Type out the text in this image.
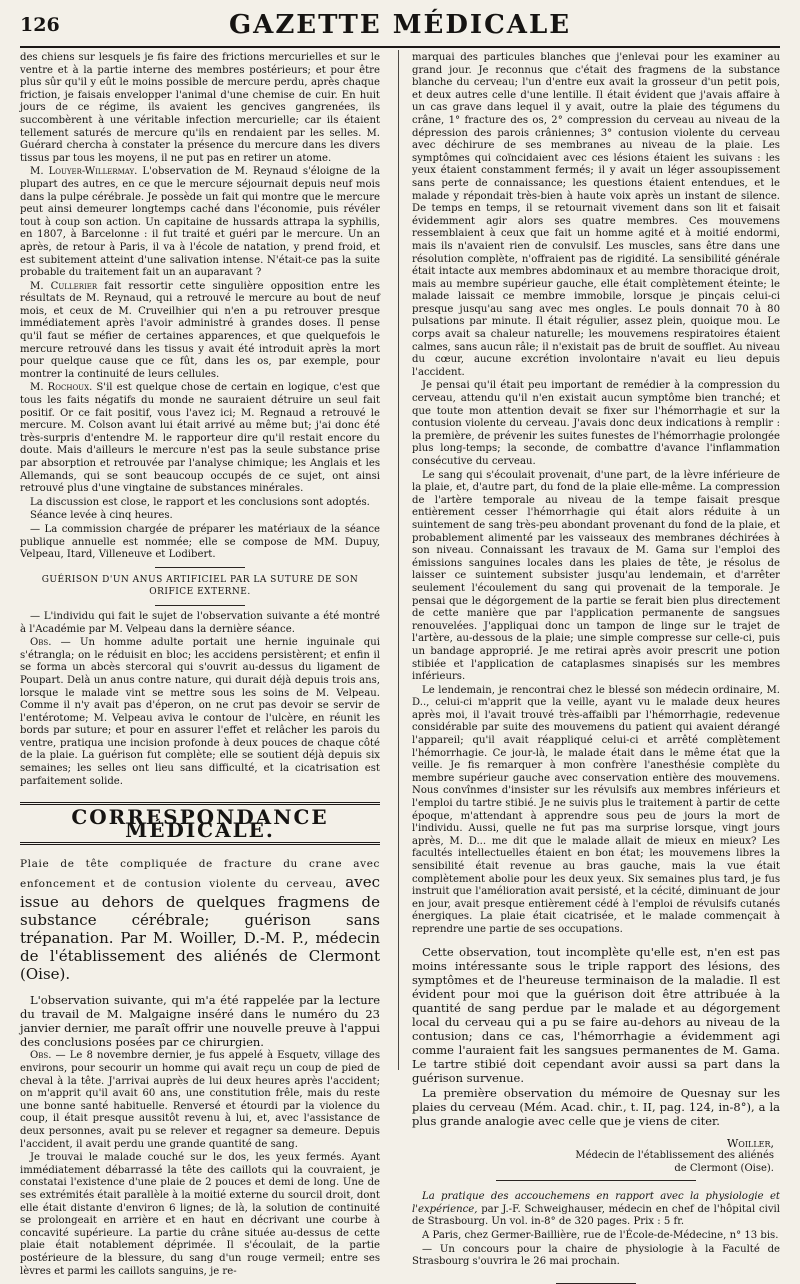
126	GAZETTE MÉDICALE

des chiens sur lesquels je fis faire des frictions mercurielles et sur le ventre et à la partie interne des membres postérieurs; et pour être plus sûr qu'il y eût le moins possible de mercure perdu, après chaque friction, je faisais envelopper l'animal d'une chemise de cuir. En huit jours de ce régime, ils avaient les gencives gangrenées, ils succombèrent à une véritable infection mercurielle; car ils étaient tellement saturés de mercure qu'ils en rendaient par les selles. M. Guérard chercha à constater la présence du mercure dans les divers tissus par tous les moyens, il ne put pas en retirer un atome.

M. Louyer-Willermay. L'observation de M. Reynaud s'éloigne de la plupart des autres, en ce que le mercure séjournait depuis neuf mois dans la pulpe cérébrale. Je possède un fait qui montre que le mercure peut ainsi demeurer longtemps caché dans l'économie, puis révéler tout à coup son action. Un capitaine de hussards attrapa la syphilis, en 1807, à Barcelonne : il fut traité et guéri par le mercure. Un an après, de retour à Paris, il va à l'école de natation, y prend froid, et est subitement atteint d'une salivation intense. N'était-ce pas la suite probable du traitement fait un an auparavant ?

M. Cullerier fait ressortir cette singulière opposition entre les résultats de M. Reynaud, qui a retrouvé le mercure au bout de neuf mois, et ceux de M. Cruveilhier qui n'en a pu retrouver presque immédiatement après l'avoir administré à grandes doses. Il pense qu'il faut se méfier de certaines apparences, et que quelquefois le mercure retrouvé dans les tissus y avait été introduit après la mort pour quelque cause que ce fût, dans les os, par exemple, pour montrer la continuité de leurs cellules.

M. Rochoux. S'il est quelque chose de certain en logique, c'est que tous les faits négatifs du monde ne sauraient détruire un seul fait positif. Or ce fait positif, vous l'avez ici; M. Regnaud a retrouvé le mercure. M. Colson avant lui était arrivé au même but; j'ai donc été très-surpris d'entendre M. le rapporteur dire qu'il restait encore du doute. Mais d'ailleurs le mercure n'est pas la seule substance prise par absorption et retrouvée par l'analyse chimique; les Anglais et les Allemands, qui se sont beaucoup occupés de ce sujet, ont ainsi retrouvé plus d'une vingtaine de substances minérales.

La discussion est close, le rapport et les conclusions sont adoptés.

Séance levée à cinq heures.

— La commission chargée de préparer les matériaux de la séance publique annuelle est nommée; elle se compose de MM. Dupuy, Velpeau, Itard, Villeneuve et Lodibert.

GUÉRISON D'UN ANUS ARTIFICIEL PAR LA SUTURE DE SON ORIFICE EXTERNE.

— L'individu qui fait le sujet de l'observation suivante a été montré à l'Académie par M. Velpeau dans la dernière séance.

Obs. — Un homme adulte portait une hernie inguinale qui s'étrangla; on le réduisit en bloc; les accidens persistèrent; et enfin il se forma un abcès stercoral qui s'ouvrit au-dessus du ligament de Poupart. Delà un anus contre nature, qui durait déjà depuis trois ans, lorsque le malade vint se mettre sous les soins de M. Velpeau. Comme il n'y avait pas d'éperon, on ne crut pas devoir se servir de l'entérotome; M. Velpeau aviva le contour de l'ulcère, en réunit les bords par suture; et pour en assurer l'effet et relâcher les parois du ventre, pratiqua une incision profonde à deux pouces de chaque côté de la plaie. La guérison fut complète; elle se soutient déjà depuis six semaines; les selles ont lieu sans difficulté, et la cicatrisation est parfaitement solide.

CORRESPONDANCE MÉDICALE.
Plaie de tête compliquée de fracture du crane avec enfoncement et de contusion violente du cerveau, avec issue au dehors de quelques fragmens de substance cérébrale; guérison sans trépanation. Par M. Woiller, D.-M. P., médecin de l'établissement des aliénés de Clermont (Oise).

L'observation suivante, qui m'a été rappelée par la lecture du travail de M. Malgaigne inséré dans le numéro du 23 janvier dernier, me paraît offrir une nouvelle preuve à l'appui des conclusions posées par ce chirurgien.

Obs. — Le 8 novembre dernier, je fus appelé à Esquetv, village des environs, pour secourir un homme qui avait reçu un coup de pied de cheval à la tête. J'arrivai auprès de lui deux heures après l'accident; on m'apprit qu'il avait 60 ans, une constitution frêle, mais du reste une bonne santé habituelle. Renversé et étourdi par la violence du coup, il était presque aussitôt revenu à lui, et, avec l'assistance de deux personnes, avait pu se relever et regagner sa demeure. Depuis l'accident, il avait perdu une grande quantité de sang.

Je trouvai le malade couché sur le dos, les yeux fermés. Ayant immédiatement débarrassé la tête des caillots qui la couvraient, je constatai l'existence d'une plaie de 2 pouces et demi de long. Une de ses extrémités était parallèle à la moitié externe du sourcil droit, dont elle était distante d'environ 6 lignes; de là, la solution de continuité se prolongeait en arrière et en haut en décrivant une courbe à concavité supérieure. La partie du crâne située au-dessus de cette plaie était notablement déprimée. Il s'écoulait, de la partie postérieure de la blessure, du sang d'un rouge vermeil; entre ses lèvres et parmi les caillots sanguins, je re-

marquai des particules blanches que j'enlevai pour les examiner au grand jour. Je reconnus que c'était des fragmens de la substance blanche du cerveau; l'un d'entre eux avait la grosseur d'un petit pois, et deux autres celle d'une lentille. Il était évident que j'avais affaire à un cas grave dans lequel il y avait, outre la plaie des tégumens du crâne, 1° fracture des os, 2° compression du cerveau au niveau de la dépression des parois crâniennes; 3° contusion violente du cerveau avec déchirure de ses membranes au niveau de la plaie. Les symptômes qui coïncidaient avec ces lésions étaient les suivans : les yeux étaient constamment fermés; il y avait un léger assoupissement sans perte de connaissance; les questions étaient entendues, et le malade y répondait très-bien à haute voix après un instant de silence. De temps en temps, il se retournait vivement dans son lit et faisait évidemment agir alors ses quatre membres. Ces mouvemens ressemblaient à ceux que fait un homme agité et à moitié endormi, mais ils n'avaient rien de convulsif. Les muscles, sans être dans une résolution complète, n'offraient pas de rigidité. La sensibilité générale était intacte aux membres abdominaux et au membre thoracique droit, mais au membre supérieur gauche, elle était complètement éteinte; le malade laissait ce membre immobile, lorsque je pinçais celui-ci presque jusqu'au sang avec mes ongles. Le pouls donnait 70 à 80 pulsations par minute. Il était régulier, assez plein, quoique mou. Le corps avait sa chaleur naturelle; les mouvemens respiratoires étaient calmes, sans aucun râle; il n'existait pas de bruit de soufflet. Au niveau du cœur, aucune excrétion involontaire n'avait eu lieu depuis l'accident.

Je pensai qu'il était peu important de remédier à la compression du cerveau, attendu qu'il n'en existait aucun symptôme bien tranché; et que toute mon attention devait se fixer sur l'hémorrhagie et sur la contusion violente du cerveau. J'avais donc deux indications à remplir : la première, de prévenir les suites funestes de l'hémorrhagie prolongée plus long-temps; la seconde, de combattre d'avance l'inflammation consécutive du cerveau.

Le sang qui s'écoulait provenait, d'une part, de la lèvre inférieure de la plaie, et, d'autre part, du fond de la plaie elle-même. La compression de l'artère temporale au niveau de la tempe faisait presque entièrement cesser l'hémorrhagie qui était alors réduite à un suintement de sang très-peu abondant provenant du fond de la plaie, et probablement alimenté par les vaisseaux des membranes déchirées à son niveau. Connaissant les travaux de M. Gama sur l'emploi des émissions sanguines locales dans les plaies de tête, je résolus de laisser ce suintement subsister jusqu'au lendemain, et d'arrêter seulement l'écoulement du sang qui provenait de la temporale. Je pensai que le dégorgement de la partie se ferait bien plus directement de cette manière que par l'application permanente de sangsues renouvelées. J'appliquai donc un tampon de linge sur le trajet de l'artère, au-dessous de la plaie; une simple compresse sur celle-ci, puis un bandage approprié. Je me retirai après avoir prescrit une potion stibiée et l'application de cataplasmes sinapisés sur les membres inférieurs.

Le lendemain, je rencontrai chez le blessé son médecin ordinaire, M. D.., celui-ci m'apprit que la veille, ayant vu le malade deux heures après moi, il l'avait trouvé très-affaibli par l'hémorrhagie, redevenue considérable par suite des mouvemens du patient qui avaient dérangé l'appareil; qu'il avait réappliqué celui-ci et arrêté complètement l'hémorrhagie. Ce jour-là, le malade était dans le même état que la veille. Je fis remarquer à mon confrère l'anesthésie complète du membre supérieur gauche avec conservation entière des mouvemens. Nous convînmes d'insister sur les révulsifs aux membres inférieurs et l'emploi du tartre stibié. Je ne suivis plus le traitement à partir de cette époque, m'attendant à apprendre sous peu de jours la mort de l'individu. Aussi, quelle ne fut pas ma surprise lorsque, vingt jours après, M. D... me dit que le malade allait de mieux en mieux? Les facultés intellectuelles étaient en bon état; les mouvemens libres la sensibilité était revenue au bras gauche, mais la vue était complètement abolie pour les deux yeux. Six semaines plus tard, je fus instruit que l'amélioration avait persisté, et la cécité, diminuant de jour en jour, avait presque entièrement cédé à l'emploi de révulsifs cutanés énergiques. La plaie était cicatrisée, et le malade commençait à reprendre une partie de ses occupations.

Cette observation, tout incomplète qu'elle est, n'en est pas moins intéressante sous le triple rapport des lésions, des symptômes et de l'heureuse terminaison de la maladie. Il est évident pour moi que la guérison doit être attribuée à la quantité de sang perdue par le malade et au dégorgement local du cerveau qui a pu se faire au-dehors au niveau de la contusion; dans ce cas, l'hémorrhagie a évidemment agi comme l'auraient fait les sangsues permanentes de M. Gama. Le tartre stibié doit cependant avoir aussi sa part dans la guérison survenue.

La première observation du mémoire de Quesnay sur les plaies du cerveau (Mém. Acad. chir., t. II, pag. 124, in-8°), a la plus grande analogie avec celle que je viens de citer.

Woiller,
Médecin de l'établissement des aliénés
de Clermont (Oise).

La pratique des accouchemens en rapport avec la physiologie et l'expérience, par J.-F. Schweighauser, médecin en chef de l'hôpital civil de Strasbourg. Un vol. in-8° de 320 pages. Prix : 5 fr.

A Paris, chez Germer-Baillière, rue de l'École-de-Médecine, n° 13 bis.

— Un concours pour la chaire de physiologie à la Faculté de Strasbourg s'ouvrira le 26 mai prochain.
